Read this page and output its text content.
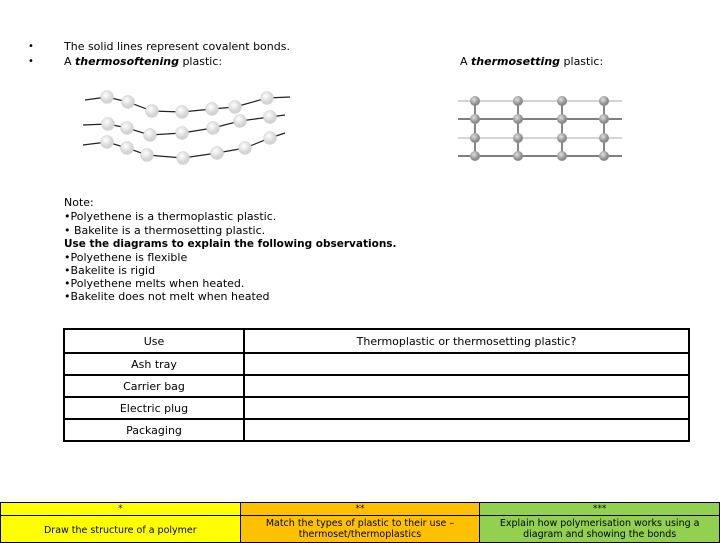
•
•
The solid lines represent covalent bonds.
A thermosoftening plastic:	A thermosetting plastic:
Note:
•Polyethene is a thermoplastic plastic.
• Bakelite is a thermosetting plastic.
Use the diagrams to explain the following observations.
•Polyethene is flexible
•Bakelite is rigid
•Polyethene melts when heated.
•Bakelite does not melt when heated
Use	Thermoplastic or thermosetting plastic?
Ash tray	
Carrier bag	
Electric plug	
Packaging	
*	**	***
Draw the structure of a polymer	Match the types of plastic to their use – thermoset/thermoplastics	Explain how polymerisation works using a diagram and showing the bonds
